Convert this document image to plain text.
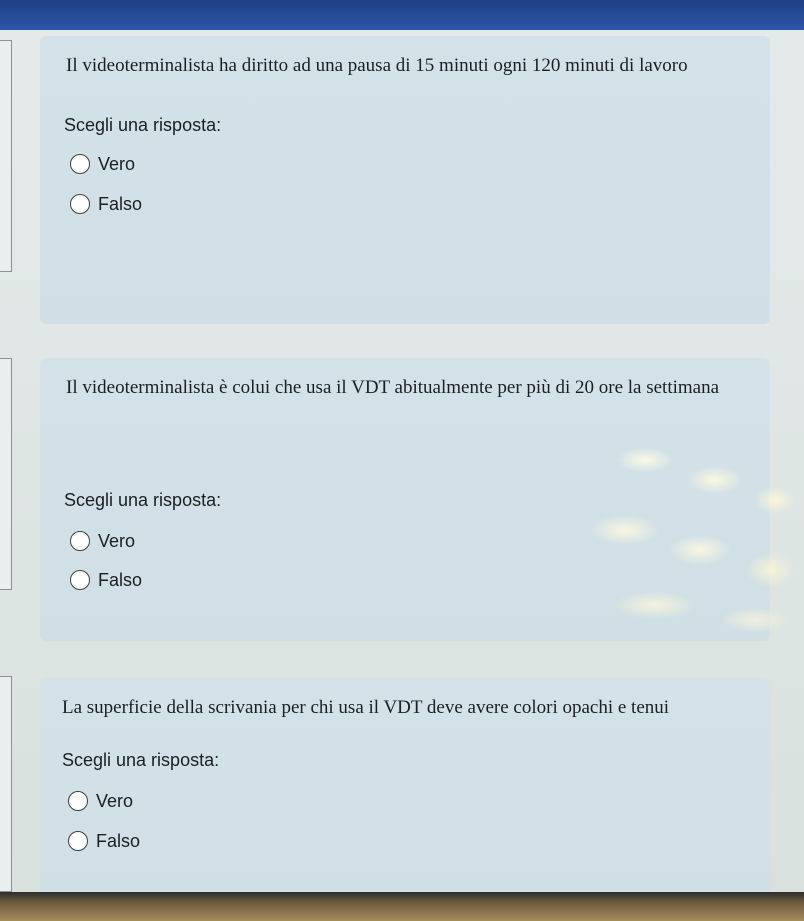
Il videoterminalista ha diritto ad una pausa di 15 minuti ogni 120 minuti di lavoro
Scegli una risposta:
Vero
Falso
Il videoterminalista è colui che usa il VDT abitualmente per più di 20 ore la settimana
Scegli una risposta:
Vero
Falso
La superficie della scrivania per chi usa il VDT deve avere colori opachi e tenui
Scegli una risposta:
Vero
Falso
